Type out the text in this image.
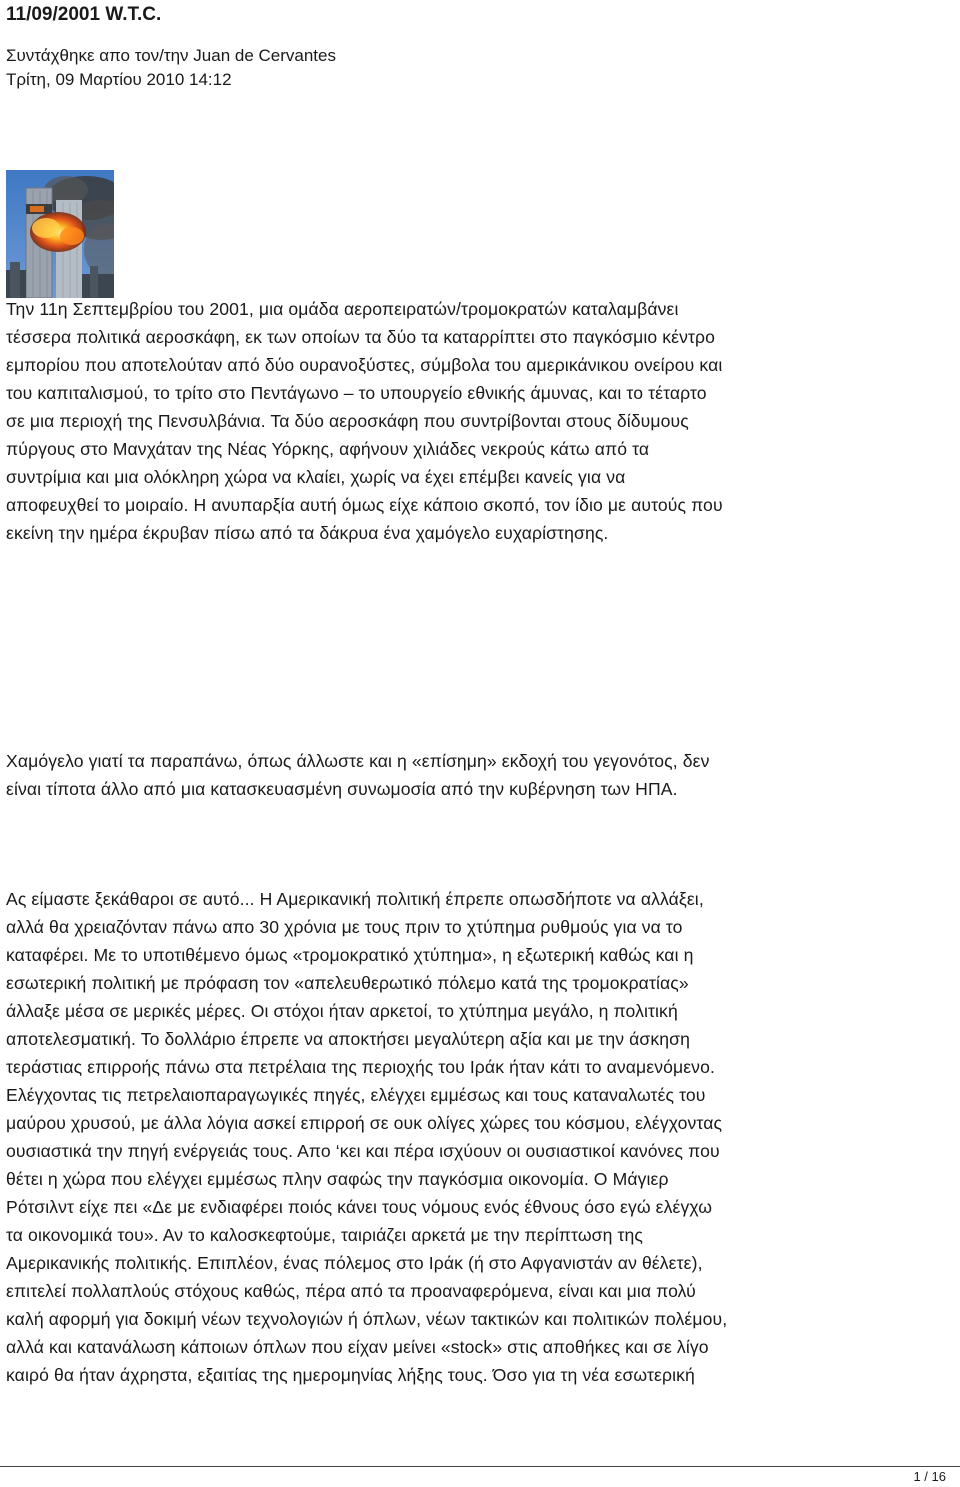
11/09/2001 W.T.C.
Συντάχθηκε απο τον/την Juan de Cervantes
Τρίτη, 09 Μαρτίου 2010 14:12

Την 11η Σεπτεμβρίου του 2001, μια ομάδα αεροπειρατών/τρομοκρατών καταλαμβάνει
τέσσερα πολιτικά αεροσκάφη, εκ των οποίων τα δύο τα καταρρίπτει στο παγκόσμιο κέντρο
εμπορίου που αποτελούταν από δύο ουρανοξύστες, σύμβολα του αμερικάνικου ονείρου και
του καπιταλισμού, το τρίτο στο Πεντάγωνο – το υπουργείο εθνικής άμυνας, και το τέταρτο
σε μια περιοχή της Πενσυλβάνια. Τα δύο αεροσκάφη που συντρίβονται στους δίδυμους
πύργους στο Μανχάταν της Νέας Υόρκης, αφήνουν χιλιάδες νεκρούς κάτω από τα
συντρίμια και μια ολόκληρη χώρα να κλαίει, χωρίς να έχει επέμβει κανείς για να
αποφευχθεί το μοιραίο. Η ανυπαρξία αυτή όμως είχε κάποιο σκοπό, τον ίδιο με αυτούς που
εκείνη την ημέρα έκρυβαν πίσω από τα δάκρυα ένα χαμόγελο ευχαρίστησης.

Χαμόγελο γιατί τα παραπάνω, όπως άλλωστε και η «επίσημη» εκδοχή του γεγονότος, δεν
είναι τίποτα άλλο από μια κατασκευασμένη συνωμοσία από την κυβέρνηση των ΗΠΑ.

Ας είμαστε ξεκάθαροι σε αυτό... Η Αμερικανική πολιτική έπρεπε οπωσδήποτε να αλλάξει,
αλλά θα χρειαζόνταν πάνω απο 30 χρόνια με τους πριν το χτύπημα ρυθμούς για να το
καταφέρει. Με το υποτιθέμενο όμως «τρομοκρατικό χτύπημα», η εξωτερική καθώς και η
εσωτερική πολιτική με πρόφαση τον «απελευθερωτικό πόλεμο κατά της τρομοκρατίας»
άλλαξε μέσα σε μερικές μέρες. Οι στόχοι ήταν αρκετοί, το χτύπημα μεγάλο, η πολιτική
αποτελεσματική. Το δολλάριο έπρεπε να αποκτήσει μεγαλύτερη αξία και με την άσκηση
τεράστιας επιρροής πάνω στα πετρέλαια της περιοχής του Ιράκ ήταν κάτι το αναμενόμενο.
Ελέγχοντας τις πετρελαιοπαραγωγικές πηγές, ελέγχει εμμέσως και τους καταναλωτές του
μαύρου χρυσού, με άλλα λόγια ασκεί επιρροή σε ουκ ολίγες χώρες του κόσμου, ελέγχοντας
ουσιαστικά την πηγή ενέργειάς τους. Απο ‘κει και πέρα ισχύουν οι ουσιαστικοί κανόνες που
θέτει η χώρα που ελέγχει εμμέσως πλην σαφώς την παγκόσμια οικονομία. Ο Μάγιερ
Ρότσιλντ είχε πει «Δε με ενδιαφέρει ποιός κάνει τους νόμους ενός έθνους όσο εγώ ελέγχω
τα οικονομικά του». Αν το καλοσκεφτούμε, ταιριάζει αρκετά με την περίπτωση της
Αμερικανικής πολιτικής. Επιπλέον, ένας πόλεμος στο Ιράκ (ή στο Αφγανιστάν αν θέλετε),
επιτελεί πολλαπλούς στόχους καθώς, πέρα από τα προαναφερόμενα, είναι και μια πολύ
καλή αφορμή για δοκιμή νέων τεχνολογιών ή όπλων, νέων τακτικών και πολιτικών πολέμου,
αλλά και κατανάλωση κάποιων όπλων που είχαν μείνει «stock» στις αποθήκες και σε λίγο
καιρό θα ήταν άχρηστα, εξαιτίας της ημερομηνίας λήξης τους. Όσο για τη νέα εσωτερική

1 / 16
